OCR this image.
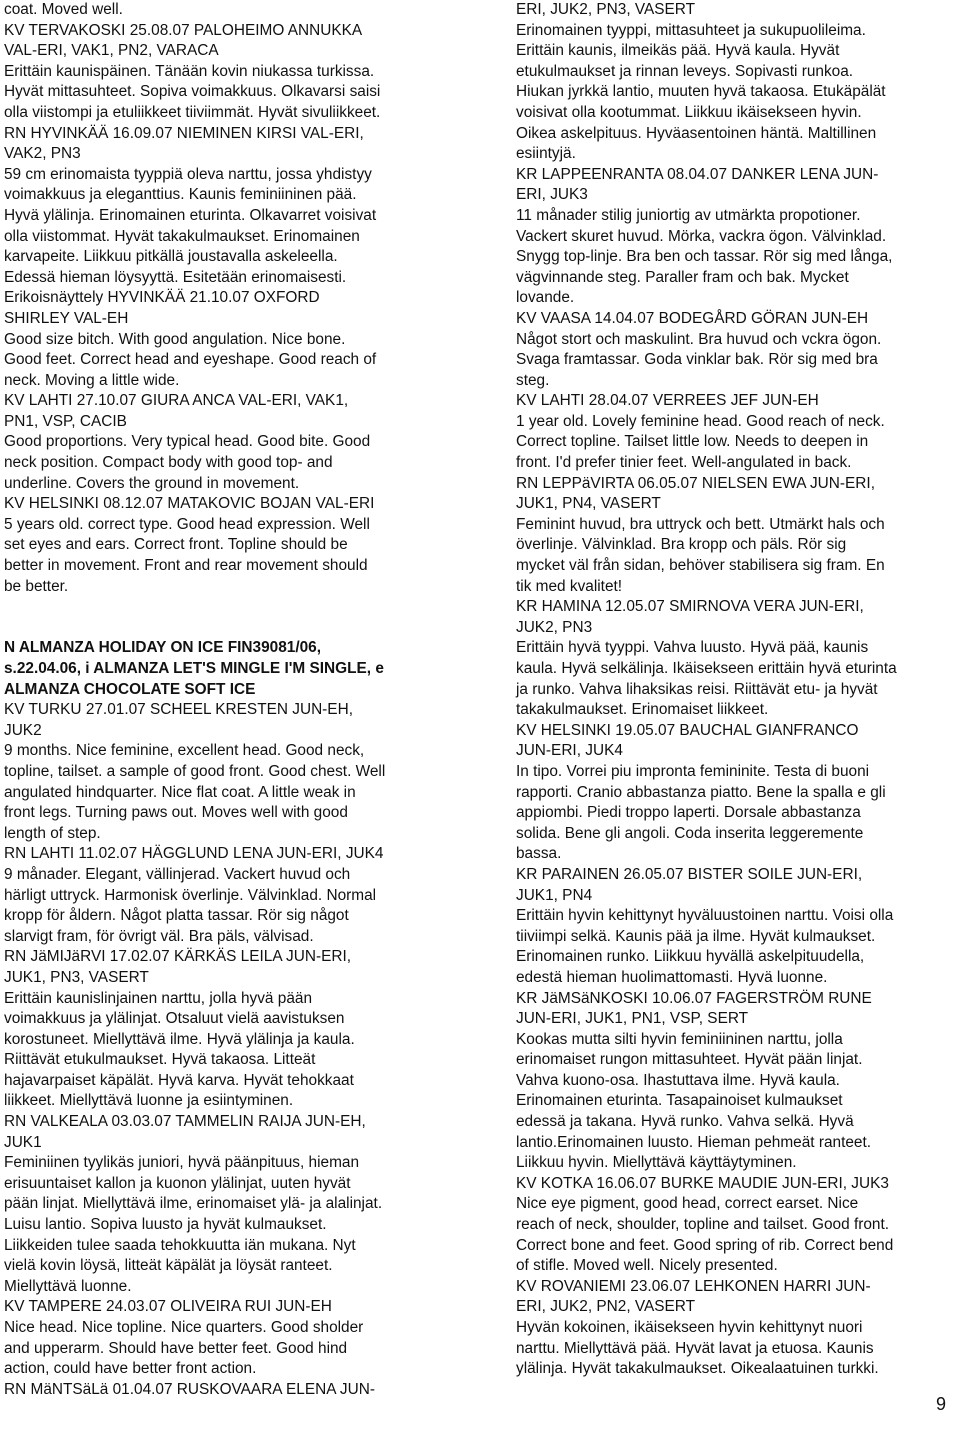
coat. Moved well.
KV TERVAKOSKI 25.08.07 PALOHEIMO ANNUKKA
VAL-ERI, VAK1, PN2, VARACA
Erittäin kaunispäinen. Tänään kovin niukassa turkissa.
Hyvät mittasuhteet. Sopiva voimakkuus. Olkavarsi saisi
olla viistompi ja etuliikkeet tiiviimmät. Hyvät sivuliikkeet.
RN HYVINKÄÄ 16.09.07 NIEMINEN KIRSI VAL-ERI,
VAK2, PN3
59 cm erinomaista tyyppiä oleva narttu, jossa yhdistyy
voimakkuus ja eleganttius. Kaunis feminiininen pää.
Hyvä ylälinja. Erinomainen eturinta. Olkavarret voisivat
olla viistommat. Hyvät takakulmaukset. Erinomainen
karvapeite. Liikkuu pitkällä joustavalla askeleella.
Edessä hieman löysyyttä. Esitetään erinomaisesti.
Erikoisnäyttely HYVINKÄÄ 21.10.07 OXFORD
SHIRLEY VAL-EH
Good size bitch. With good angulation. Nice bone.
Good feet. Correct head and eyeshape. Good reach of
neck. Moving a little wide.
KV LAHTI 27.10.07 GIURA ANCA VAL-ERI, VAK1,
PN1, VSP, CACIB
Good proportions. Very typical head. Good bite. Good
neck position. Compact body with good top- and
underline. Covers the ground in movement.
KV HELSINKI 08.12.07 MATAKOVIC BOJAN VAL-ERI
5 years old. correct type. Good head expression. Well
set eyes and ears. Correct front. Topline should be
better in movement. Front and rear movement should
be better.
N ALMANZA HOLIDAY ON ICE FIN39081/06,
s.22.04.06, i ALMANZA LET'S MINGLE I'M SINGLE, e
ALMANZA CHOCOLATE SOFT ICE
KV TURKU 27.01.07 SCHEEL KRESTEN JUN-EH,
JUK2
9 months. Nice feminine, excellent head. Good neck,
topline, tailset. a sample of good front. Good chest. Well
angulated hindquarter. Nice flat coat. A little weak in
front legs. Turning paws out. Moves well with good
length of step.
RN LAHTI 11.02.07 HÄGGLUND LENA JUN-ERI, JUK4
9 månader. Elegant, vällinjerad. Vackert huvud och
härligt uttryck. Harmonisk överlinje. Välvinklad. Normal
kropp för åldern. Något platta tassar. Rör sig något
slarvigt fram, för övrigt väl. Bra päls, välvisad.
RN JäMIJäRVI 17.02.07 KÄRKÄS LEILA JUN-ERI,
JUK1, PN3, VASERT
Erittäin kaunislinjainen narttu, jolla hyvä pään
voimakkuus ja ylälinjat. Otsaluut vielä aavistuksen
korostuneet. Miellyttävä ilme. Hyvä ylälinja ja kaula.
Riittävät etukulmaukset. Hyvä takaosa. Litteät
hajavarpaiset käpälät. Hyvä karva. Hyvät tehokkaat
liikkeet. Miellyttävä luonne ja esiintyminen.
RN VALKEALA 03.03.07 TAMMELIN RAIJA JUN-EH,
JUK1
Feminiinen tyylikäs juniori, hyvä päänpituus, hieman
erisuuntaiset kallon ja kuonon ylälinjat, uuten hyvät
pään linjat. Miellyttävä ilme, erinomaiset ylä- ja alalinjat.
Luisu lantio. Sopiva luusto ja hyvät kulmaukset.
Liikkeiden tulee saada tehokkuutta iän mukana. Nyt
vielä kovin löysä, litteät käpälät ja löysät ranteet.
Miellyttävä luonne.
KV TAMPERE 24.03.07 OLIVEIRA RUI JUN-EH
Nice head. Nice topline. Nice quarters. Good sholder
and upperarm. Should have better feet. Good hind
action, could have better front action.
RN MäNTSäLä 01.04.07 RUSKOVAARA ELENA JUN-
ERI, JUK2, PN3, VASERT
Erinomainen tyyppi, mittasuhteet ja sukupuolileima.
Erittäin kaunis, ilmeikäs pää. Hyvä kaula. Hyvät
etukulmaukset ja rinnan leveys. Sopivasti runkoa.
Hiukan jyrkkä lantio, muuten hyvä takaosa. Etukäpälät
voisivat olla kootummat. Liikkuu ikäisekseen hyvin.
Oikea askelpituus. Hyväasentoinen häntä. Maltillinen
esiintyjä.
KR LAPPEENRANTA 08.04.07 DANKER LENA JUN-
ERI, JUK3
11 månader stilig juniortig av utmärkta propotioner.
Vackert skuret huvud. Mörka, vackra ögon. Välvinklad.
Snygg top-linje. Bra ben och tassar. Rör sig med långa,
vägvinnande steg. Paraller fram och bak. Mycket
lovande.
KV VAASA 14.04.07 BODEGÅRD GÖRAN JUN-EH
Något stort och maskulint. Bra huvud och vckra ögon.
Svaga framtassar. Goda vinklar bak. Rör sig med bra
steg.
KV LAHTI 28.04.07 VERREES JEF JUN-EH
1 year old. Lovely feminine head. Good reach of neck.
Correct topline. Tailset little low. Needs to deepen in
front. I'd prefer tinier feet. Well-angulated in back.
RN LEPPäVIRTA 06.05.07 NIELSEN EWA JUN-ERI,
JUK1, PN4, VASERT
Feminint huvud, bra uttryck och bett. Utmärkt hals och
överlinje. Välvinklad. Bra kropp och päls. Rör sig
mycket väl från sidan, behöver stabilisera sig fram. En
tik med kvalitet!
KR HAMINA 12.05.07 SMIRNOVA VERA JUN-ERI,
JUK2, PN3
Erittäin hyvä tyyppi. Vahva luusto. Hyvä pää, kaunis
kaula. Hyvä selkälinja. Ikäisekseen erittäin hyvä eturinta
ja runko. Vahva lihaksikas reisi. Riittävät etu- ja hyvät
takakulmaukset. Erinomaiset liikkeet.
KV HELSINKI 19.05.07 BAUCHAL GIANFRANCO
JUN-ERI, JUK4
In tipo. Vorrei piu impronta femininite. Testa di buoni
rapporti. Cranio abbastanza piatto. Bene la spalla e gli
appiombi. Piedi troppo laperti. Dorsale abbastanza
solida. Bene gli angoli. Coda inserita leggeremente
bassa.
KR PARAINEN 26.05.07 BISTER SOILE JUN-ERI,
JUK1, PN4
Erittäin hyvin kehittynyt hyväluustoinen narttu. Voisi olla
tiiviimpi selkä. Kaunis pää ja ilme. Hyvät kulmaukset.
Erinomainen runko. Liikkuu hyvällä askelpituudella,
edestä hieman huolimattomasti. Hyvä luonne.
KR JäMSäNKOSKI 10.06.07 FAGERSTRÖM RUNE
JUN-ERI, JUK1, PN1, VSP, SERT
Kookas mutta silti hyvin feminiininen narttu, jolla
erinomaiset rungon mittasuhteet. Hyvät pään linjat.
Vahva kuono-osa. Ihastuttava ilme. Hyvä kaula.
Erinomainen eturinta. Tasapainoiset kulmaukset
edessä ja takana. Hyvä runko. Vahva selkä. Hyvä
lantio.Erinomainen luusto. Hieman pehmeät ranteet.
Liikkuu hyvin. Miellyttävä käyttäytyminen.
KV KOTKA 16.06.07 BURKE MAUDIE JUN-ERI, JUK3
Nice eye pigment, good head, correct earset. Nice
reach of neck, shoulder, topline and tailset. Good front.
Correct bone and feet. Good spring of rib. Correct bend
of stifle. Moved well. Nicely presented.
KV ROVANIEMI 23.06.07 LEHKONEN HARRI JUN-
ERI, JUK2, PN2, VASERT
Hyvän kokoinen, ikäisekseen hyvin kehittynyt nuori
narttu. Miellyttävä pää. Hyvät lavat ja etuosa. Kaunis
ylälinja. Hyvät takakulmaukset. Oikealaatuinen turkki.
9
